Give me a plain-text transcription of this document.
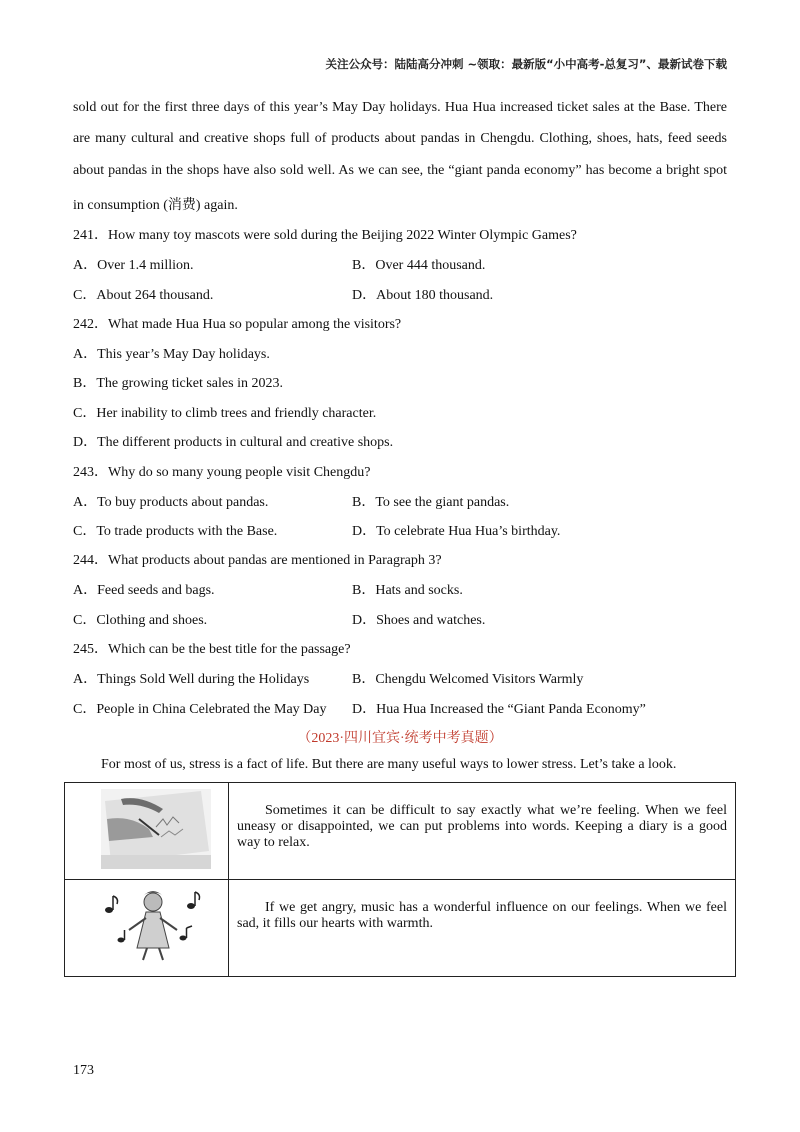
关注公众号：陆陆高分冲刺 ~领取：最新版“小中高考-总复习”、最新试卷下载
sold out for the first three days of this year’s May Day holidays. Hua Hua increased ticket sales at the Base. There
are many cultural and creative shops full of products about pandas in Chengdu. Clothing, shoes, hats, feed seeds
about pandas in the shops have also sold well. As we can see, the “giant panda economy” has become a bright spot
in consumption (消费) again.
241．How many toy mascots were sold during the Beijing 2022 Winter Olympic Games?
A．Over 1.4 million.	B．Over 444 thousand.
C．About 264 thousand.	D．About 180 thousand.
242．What made Hua Hua so popular among the visitors?
A．This year’s May Day holidays.
B．The growing ticket sales in 2023.
C．Her inability to climb trees and friendly character.
D．The different products in cultural and creative shops.
243．Why do so many young people visit Chengdu?
A．To buy products about pandas.	B．To see the giant pandas.
C．To trade products with the Base.	D．To celebrate Hua Hua’s birthday.
244．What products about pandas are mentioned in Paragraph 3?
A．Feed seeds and bags.	B．Hats and socks.
C．Clothing and shoes.	D．Shoes and watches.
245．Which can be the best title for the passage?
A．Things Sold Well during the Holidays	B．Chengdu Welcomed Visitors Warmly
C．People in China Celebrated the May Day D．Hua Hua Increased the “Giant Panda Economy”
（2023·四川宜宾·统考中考真题）
For most of us, stress is a fact of life. But there are many useful ways to lower stress. Let’s take a look.
	Sometimes it can be difficult to say exactly what we’re feeling. When we feel uneasy or disappointed, we can put problems into words. Keeping a diary is a good way to relax.

	If we get angry, music has a wonderful influence on our feelings. When we feel sad, it fills our hearts with warmth.
173
